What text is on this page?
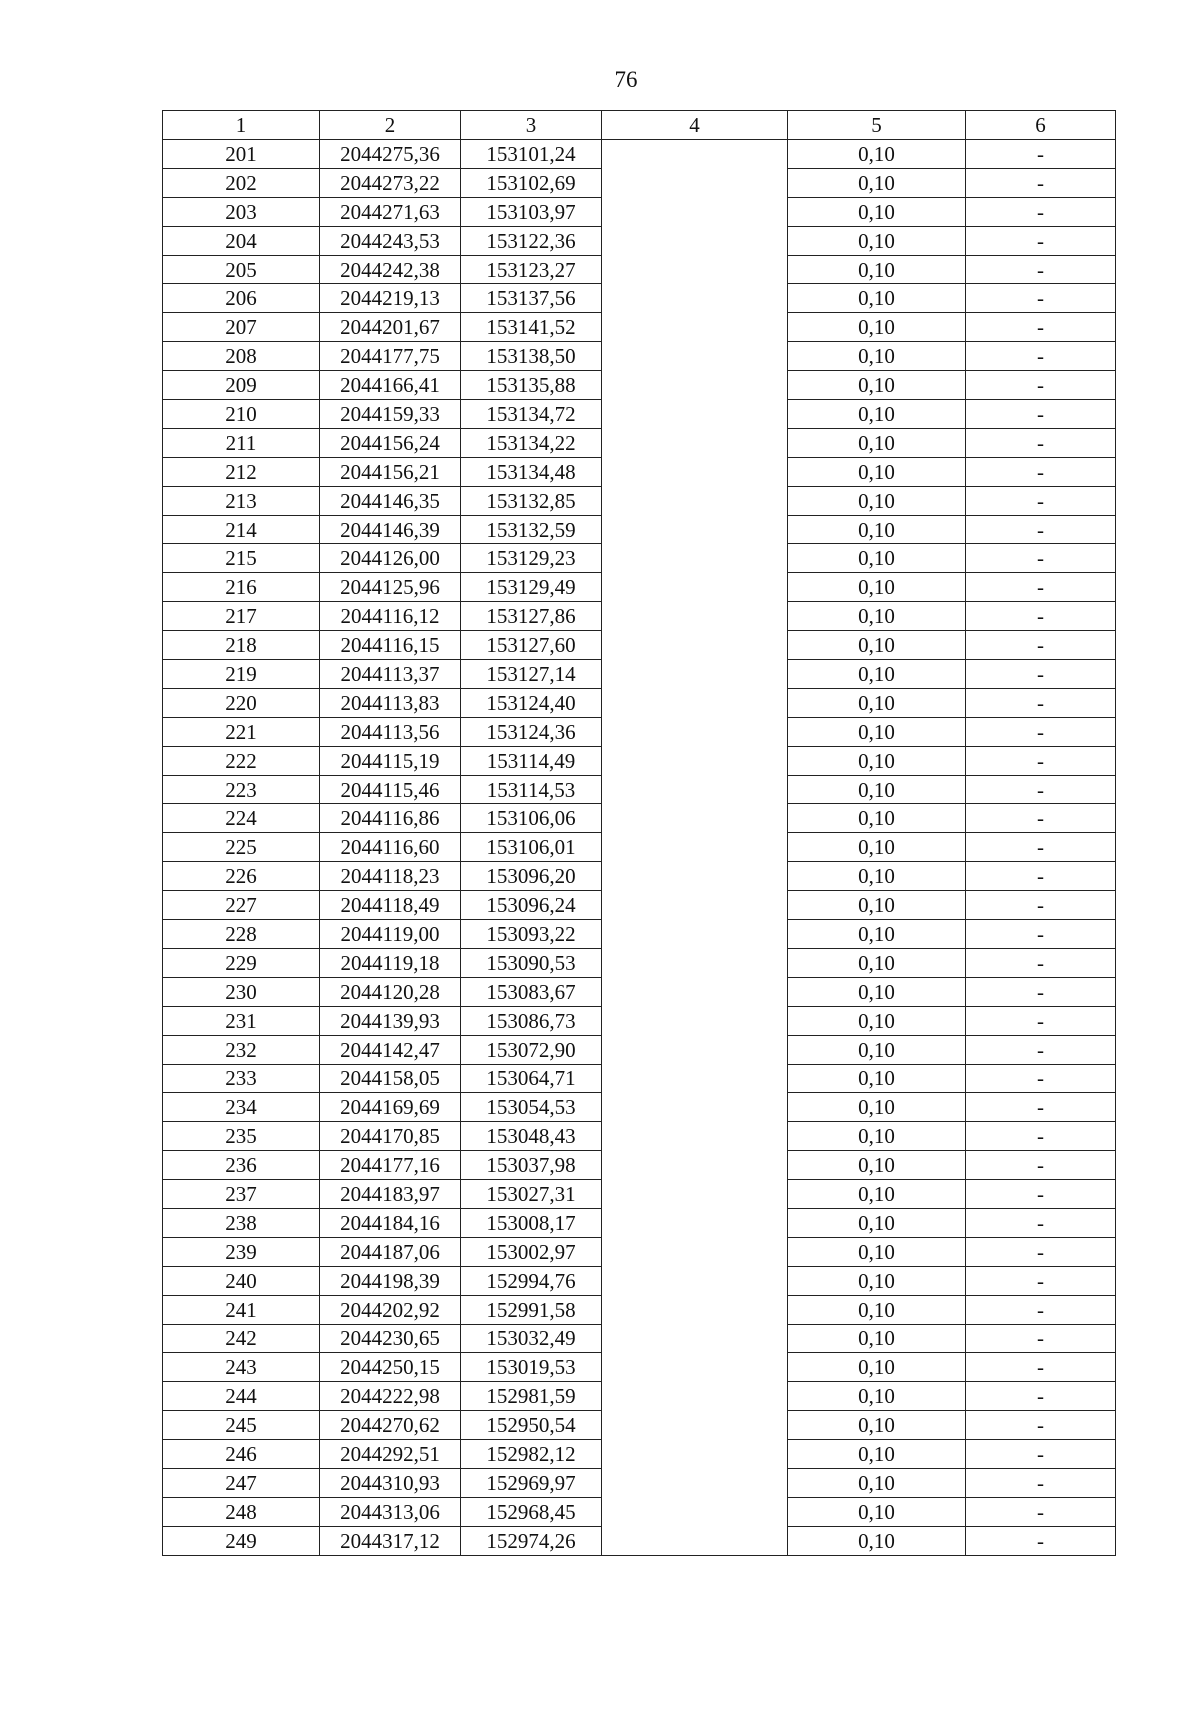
76
1	2	3	4	5	6
201	2044275,36	153101,24		0,10	-
202	2044273,22	153102,69		0,10	-
203	2044271,63	153103,97		0,10	-
204	2044243,53	153122,36		0,10	-
205	2044242,38	153123,27		0,10	-
206	2044219,13	153137,56		0,10	-
207	2044201,67	153141,52		0,10	-
208	2044177,75	153138,50		0,10	-
209	2044166,41	153135,88		0,10	-
210	2044159,33	153134,72		0,10	-
211	2044156,24	153134,22		0,10	-
212	2044156,21	153134,48		0,10	-
213	2044146,35	153132,85		0,10	-
214	2044146,39	153132,59		0,10	-
215	2044126,00	153129,23		0,10	-
216	2044125,96	153129,49		0,10	-
217	2044116,12	153127,86		0,10	-
218	2044116,15	153127,60		0,10	-
219	2044113,37	153127,14		0,10	-
220	2044113,83	153124,40		0,10	-
221	2044113,56	153124,36		0,10	-
222	2044115,19	153114,49		0,10	-
223	2044115,46	153114,53		0,10	-
224	2044116,86	153106,06		0,10	-
225	2044116,60	153106,01		0,10	-
226	2044118,23	153096,20		0,10	-
227	2044118,49	153096,24		0,10	-
228	2044119,00	153093,22		0,10	-
229	2044119,18	153090,53		0,10	-
230	2044120,28	153083,67		0,10	-
231	2044139,93	153086,73		0,10	-
232	2044142,47	153072,90		0,10	-
233	2044158,05	153064,71		0,10	-
234	2044169,69	153054,53		0,10	-
235	2044170,85	153048,43		0,10	-
236	2044177,16	153037,98		0,10	-
237	2044183,97	153027,31		0,10	-
238	2044184,16	153008,17		0,10	-
239	2044187,06	153002,97		0,10	-
240	2044198,39	152994,76		0,10	-
241	2044202,92	152991,58		0,10	-
242	2044230,65	153032,49		0,10	-
243	2044250,15	153019,53		0,10	-
244	2044222,98	152981,59		0,10	-
245	2044270,62	152950,54		0,10	-
246	2044292,51	152982,12		0,10	-
247	2044310,93	152969,97		0,10	-
248	2044313,06	152968,45		0,10	-
249	2044317,12	152974,26		0,10	-
